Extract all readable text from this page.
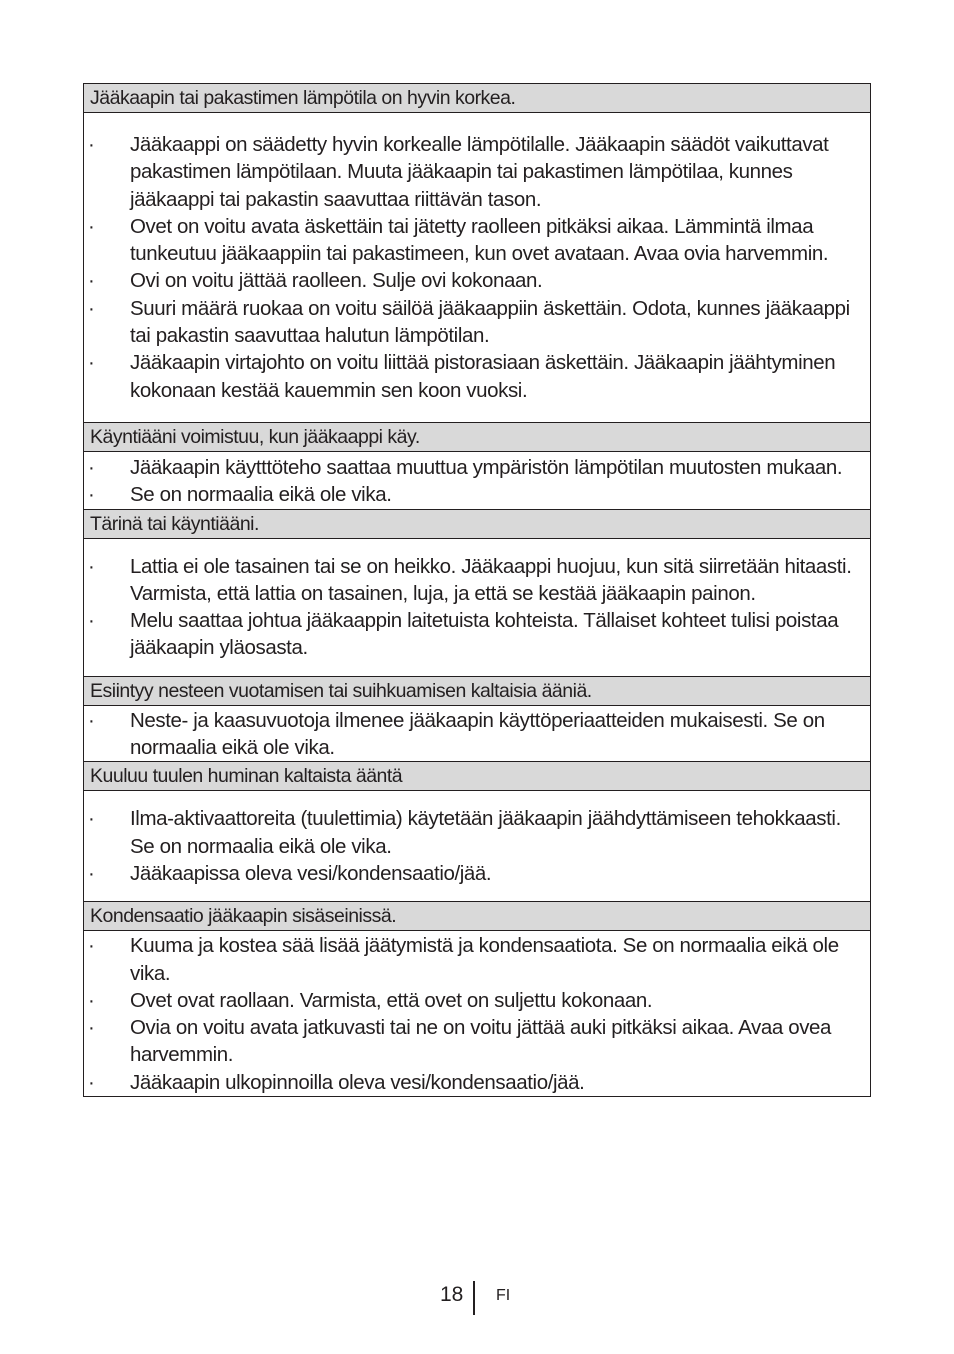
Jääkaapin tai pakastimen lämpötila on hyvin korkea.
· Jääkaappi on säädetty hyvin korkealle lämpötilalle. Jääkaapin säädöt vaikuttavat pakastimen lämpötilaan. Muuta jääkaapin tai pakastimen lämpötilaa, kunnes jääkaappi tai pakastin saavuttaa riittävän tason.
· Ovet on voitu avata äskettäin tai jätetty raolleen pitkäksi aikaa. Lämmintä ilmaa tunkeutuu jääkaappiin tai pakastimeen, kun ovet avataan. Avaa ovia harvemmin.
· Ovi on voitu jättää raolleen. Sulje ovi kokonaan.
· Suuri määrä ruokaa on voitu säilöä jääkaappiin äskettäin. Odota, kunnes jääkaappi tai pakastin saavuttaa halutun lämpötilan.
· Jääkaapin virtajohto on voitu liittää pistorasiaan äskettäin. Jääkaapin jäähtyminen kokonaan kestää kauemmin sen koon vuoksi.
Käyntiääni voimistuu, kun jääkaappi käy.
· Jääkaapin käytttöteho saattaa muuttua ympäristön lämpötilan muutosten mukaan.
· Se on normaalia eikä ole vika.
Tärinä tai käyntiääni.
· Lattia ei ole tasainen tai se on heikko. Jääkaappi huojuu, kun sitä siirretään hitaasti. Varmista, että lattia on tasainen, luja, ja että se kestää jääkaapin painon.
· Melu saattaa johtua jääkaappin laitetuista kohteista. Tällaiset kohteet tulisi poistaa jääkaapin yläosasta.
Esiintyy nesteen vuotamisen tai suihkuamisen kaltaisia ääniä.
· Neste- ja kaasuvuotoja ilmenee jääkaapin käyttöperiaatteiden mukaisesti. Se on normaalia eikä ole vika.
Kuuluu tuulen huminan kaltaista ääntä
· Ilma-aktivaattoreita (tuulettimia) käytetään jääkaapin jäähdyttämiseen tehokkaasti. Se on normaalia eikä ole vika.
· Jääkaapissa oleva vesi/kondensaatio/jää.
Kondensaatio jääkaapin sisäseinissä.
· Kuuma ja kostea sää lisää jäätymistä ja kondensaatiota. Se on normaalia eikä ole vika.
· Ovet ovat raollaan. Varmista, että ovet on suljettu kokonaan.
· Ovia on voitu avata jatkuvasti tai ne on voitu jättää auki pitkäksi aikaa. Avaa ovea harvemmin.
· Jääkaapin ulkopinnoilla oleva vesi/kondensaatio/jää.
18 FI
